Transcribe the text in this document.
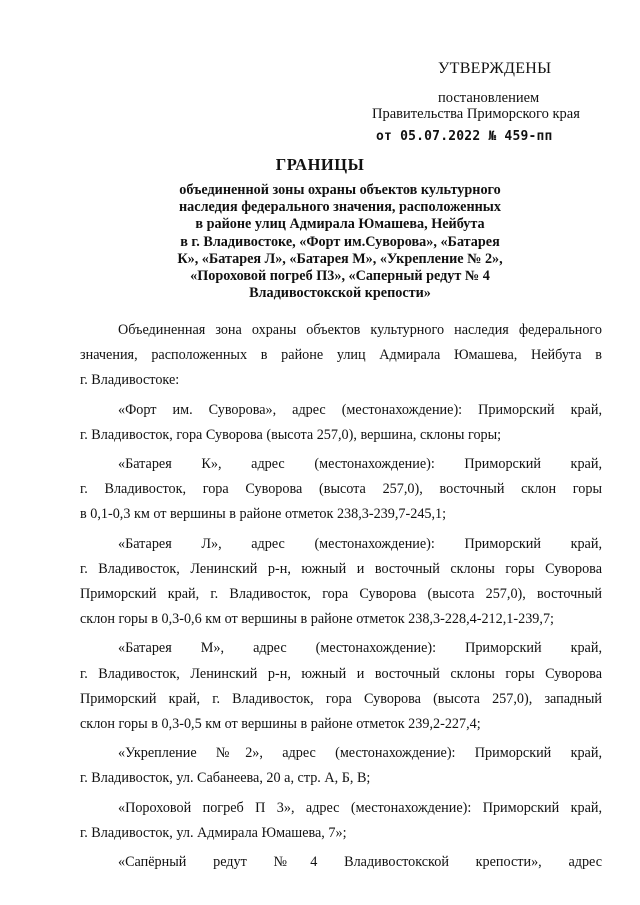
УТВЕРЖДЕНЫ
постановлением
Правительства Приморского края
от 05.07.2022 № 459-пп
ГРАНИЦЫ
объединенной зоны охраны объектов культурного
наследия федерального значения, расположенных
в районе улиц Адмирала Юмашева, Нейбута
в г. Владивостоке, «Форт им.Суворова», «Батарея
К», «Батарея Л», «Батарея М», «Укрепление № 2»,
«Пороховой погреб П3», «Саперный редут № 4
Владивостокской крепости»

Объединенная зона охраны объектов культурного наследия федерального
значения, расположенных в районе улиц Адмирала Юмашева, Нейбута в
г. Владивостоке:

«Форт им. Суворова», адрес (местонахождение): Приморский край,
г. Владивосток, гора Суворова (высота 257,0), вершина, склоны горы;

«Батарея К», адрес (местонахождение): Приморский край,
г. Владивосток, гора Суворова (высота 257,0), восточный склон горы
в 0,1-0,3 км от вершины в районе отметок 238,3-239,7-245,1;

«Батарея Л», адрес (местонахождение): Приморский край,
г. Владивосток, Ленинский р-н, южный и восточный склоны горы Суворова
Приморский край, г. Владивосток, гора Суворова (высота 257,0), восточный
склон горы в 0,3-0,6 км от вершины в районе отметок 238,3-228,4-212,1-239,7;

«Батарея М», адрес (местонахождение): Приморский край,
г. Владивосток, Ленинский р-н, южный и восточный склоны горы Суворова
Приморский край, г. Владивосток, гора Суворова (высота 257,0), западный
склон горы в 0,3-0,5 км от вершины в районе отметок 239,2-227,4;

«Укрепление №2», адрес (местонахождение): Приморский край,
г. Владивосток, ул. Сабанеева, 20 а, стр. А, Б, В;

«Пороховой погреб П 3», адрес (местонахождение): Приморский край,
г. Владивосток, ул. Адмирала Юмашева, 7»;

«Сапёрный редут №4 Владивостокской крепости», адрес
